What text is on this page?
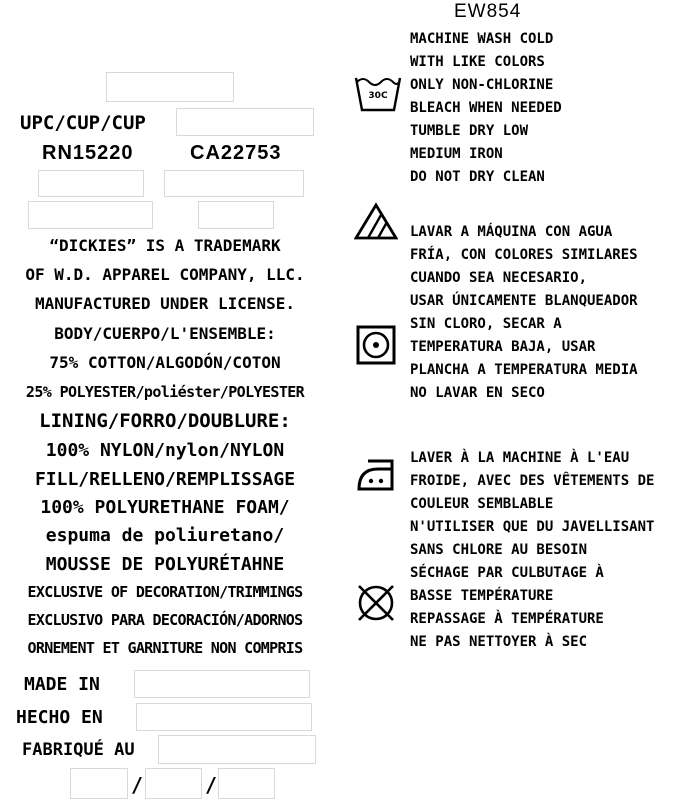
UPC/CUP/CUP
RN15220	CA22753
“DICKIES” IS A TRADEMARK
OF W.D. APPAREL COMPANY, LLC.
MANUFACTURED UNDER LICENSE.
BODY/CUERPO/L'ENSEMBLE:
75% COTTON/ALGODÓN/COTON
25% POLYESTER/poliéster/POLYESTER
LINING/FORRO/DOUBLURE:
100% NYLON/nylon/NYLON
FILL/RELLENO/REMPLISSAGE
100% POLYURETHANE FOAM/
espuma de poliuretano/
MOUSSE DE POLYURÉTAHNE
EXCLUSIVE OF DECORATION/TRIMMINGS
EXCLUSIVO PARA DECORACIÓN/ADORNOS
ORNEMENT ET GARNITURE NON COMPRIS
MADE IN
HECHO EN
FABRIQUÉ AU
/	/
EW854
MACHINE WASH COLD
WITH LIKE COLORS
ONLY NON-CHLORINE
BLEACH WHEN NEEDED
TUMBLE DRY LOW
MEDIUM IRON
DO NOT DRY CLEAN
LAVAR A MÁQUINA CON AGUA
FRÍA, CON COLORES SIMILARES
CUANDO SEA NECESARIO,
USAR ÚNICAMENTE BLANQUEADOR
SIN CLORO, SECAR A
TEMPERATURA BAJA, USAR
PLANCHA A TEMPERATURA MEDIA
NO LAVAR EN SECO
LAVER À LA MACHINE À L'EAU
FROIDE, AVEC DES VÊTEMENTS DE
COULEUR SEMBLABLE
N'UTILISER QUE DU JAVELLISANT
SANS CHLORE AU BESOIN
SÉCHAGE PAR CULBUTAGE À
BASSE TEMPÉRATURE
REPASSAGE À TEMPÉRATURE
NE PAS NETTOYER À SEC
30C
